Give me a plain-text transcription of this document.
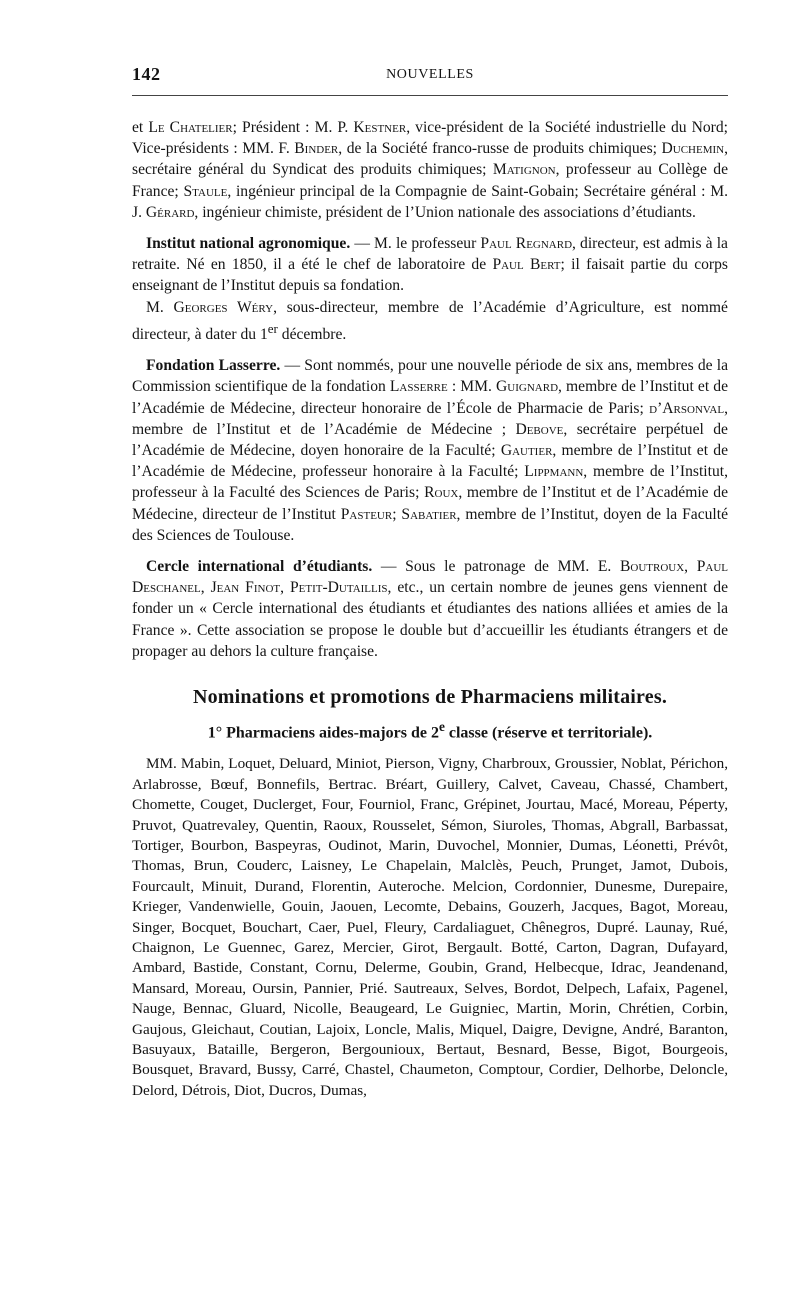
142	NOUVELLES

et Le Chatelier; Président : M. P. Kestner, vice-président de la Société industrielle du Nord; Vice-présidents : MM. F. Binder, de la Société franco-russe de produits chimiques; Duchemin, secrétaire général du Syndicat des produits chimiques; Matignon, professeur au Collège de France; Staule, ingénieur principal de la Compagnie de Saint-Gobain; Secrétaire général : M. J. Gérard, ingénieur chimiste, président de l’Union nationale des associations d’étudiants.

Institut national agronomique. — M. le professeur Paul Regnard, directeur, est admis à la retraite. Né en 1850, il a été le chef de laboratoire de Paul Bert; il faisait partie du corps enseignant de l’Institut depuis sa fondation.

M. Georges Wéry, sous-directeur, membre de l’Académie d’Agriculture, est nommé directeur, à dater du 1er décembre.

Fondation Lasserre. — Sont nommés, pour une nouvelle période de six ans, membres de la Commission scientifique de la fondation Lasserre : MM. Guignard, membre de l’Institut et de l’Académie de Médecine, directeur honoraire de l’École de Pharmacie de Paris; d’Arsonval, membre de l’Institut et de l’Académie de Médecine ; Debove, secrétaire perpétuel de l’Académie de Médecine, doyen honoraire de la Faculté; Gautier, membre de l’Institut et de l’Académie de Médecine, professeur honoraire à la Faculté; Lippmann, membre de l’Institut, professeur à la Faculté des Sciences de Paris; Roux, membre de l’Institut et de l’Académie de Médecine, directeur de l’Institut Pasteur; Sabatier, membre de l’Institut, doyen de la Faculté des Sciences de Toulouse.

Cercle international d’étudiants. — Sous le patronage de MM. E. Boutroux, Paul Deschanel, Jean Finot, Petit-Dutaillis, etc., un certain nombre de jeunes gens viennent de fonder un « Cercle international des étudiants et étudiantes des nations alliées et amies de la France ». Cette association se propose le double but d’accueillir les étudiants étrangers et de propager au dehors la culture française.

Nominations et promotions de Pharmaciens militaires.
1° Pharmaciens aides-majors de 2e classe (réserve et territoriale).

MM. Mabin, Loquet, Deluard, Miniot, Pierson, Vigny, Charbroux, Groussier, Noblat, Périchon, Arlabrosse, Bœuf, Bonnefils, Bertrac. Bréart, Guillery, Calvet, Caveau, Chassé, Chambert, Chomette, Couget, Duclerget, Four, Fourniol, Franc, Grépinet, Jourtau, Macé, Moreau, Péperty, Pruvot, Quatrevaley, Quentin, Raoux, Rousselet, Sémon, Siuroles, Thomas, Abgrall, Barbassat, Tortiger, Bourbon, Baspeyras, Oudinot, Marin, Duvochel, Monnier, Dumas, Léonetti, Prévôt, Thomas, Brun, Couderc, Laisney, Le Chapelain, Malclès, Peuch, Prunget, Jamot, Dubois, Fourcault, Minuit, Durand, Florentin, Auteroche. Melcion, Cordonnier, Dunesme, Durepaire, Krieger, Vandenwielle, Gouin, Jaouen, Lecomte, Debains, Gouzerh, Jacques, Bagot, Moreau, Singer, Bocquet, Bouchart, Caer, Puel, Fleury, Cardaliaguet, Chênegros, Dupré. Launay, Rué, Chaignon, Le Guennec, Garez, Mercier, Girot, Bergault. Botté, Carton, Dagran, Dufayard, Ambard, Bastide, Constant, Cornu, Delerme, Goubin, Grand, Helbecque, Idrac, Jeandenand, Mansard, Moreau, Oursin, Pannier, Prié. Sautreaux, Selves, Bordot, Delpech, Lafaix, Pagenel, Nauge, Bennac, Gluard, Nicolle, Beaugeard, Le Guigniec, Martin, Morin, Chrétien, Corbin, Gaujous, Gleichaut, Coutian, Lajoix, Loncle, Malis, Miquel, Daigre, Devigne, André, Baranton, Basuyaux, Bataille, Bergeron, Bergounioux, Bertaut, Besnard, Besse, Bigot, Bourgeois, Bousquet, Bravard, Bussy, Carré, Chastel, Chaumeton, Comptour, Cordier, Delhorbe, Deloncle, Delord, Détrois, Diot, Ducros, Dumas,
